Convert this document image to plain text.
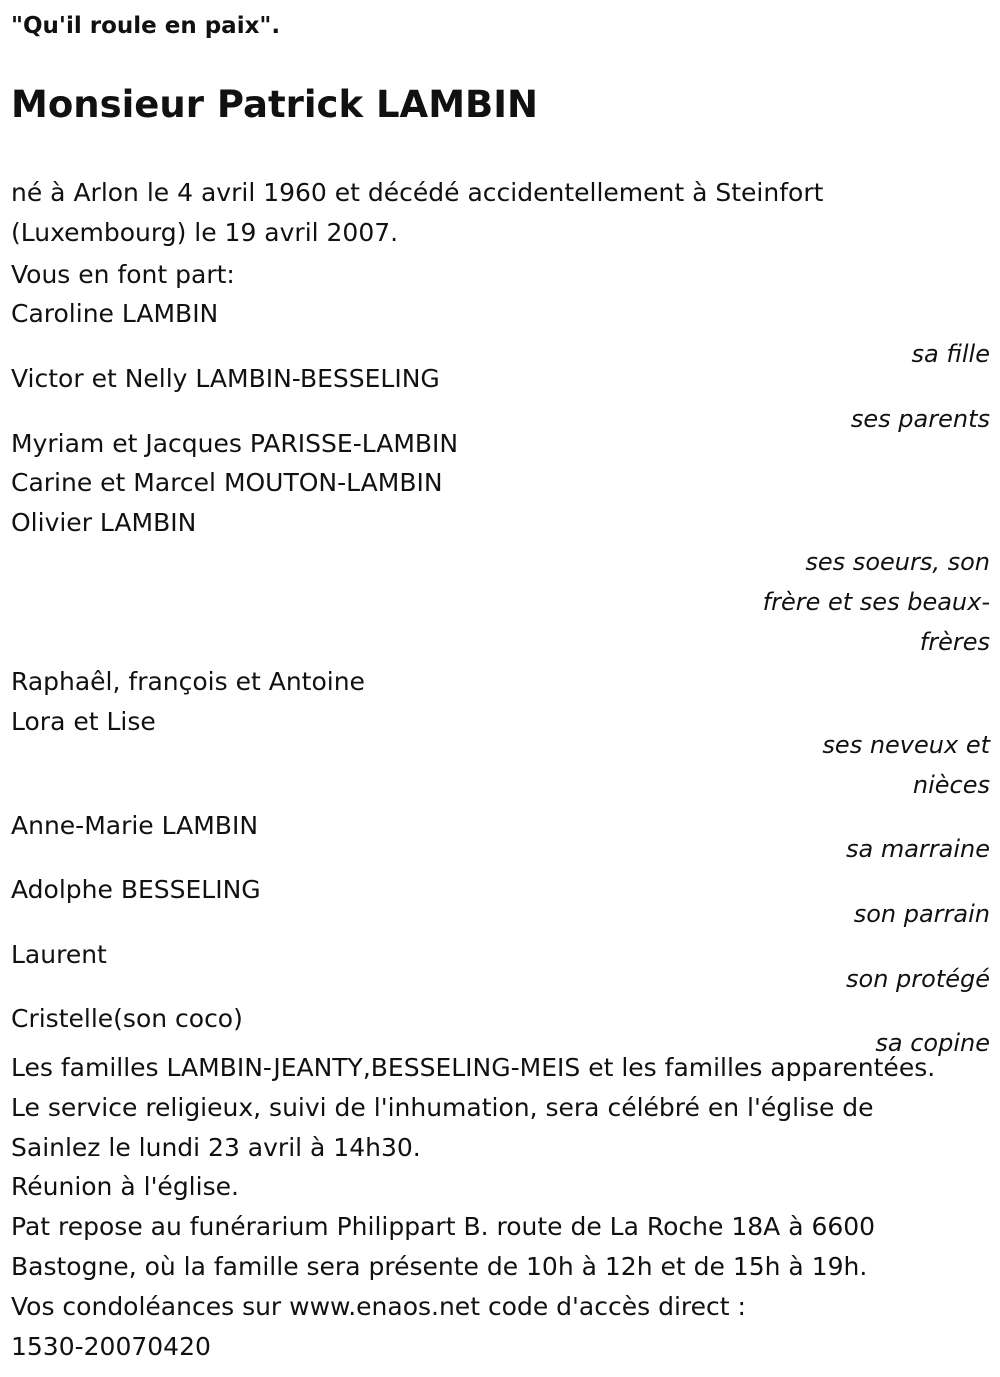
"Qu'il roule en paix".

Monsieur Patrick LAMBIN
né à Arlon le 4 avril 1960 et décédé accidentellement à Steinfort
(Luxembourg) le 19 avril 2007.
Vous en font part:
Caroline LAMBIN
sa fille
Victor et Nelly LAMBIN-BESSELING
ses parents
Myriam et Jacques PARISSE-LAMBIN
Carine et Marcel MOUTON-LAMBIN
Olivier LAMBIN
ses soeurs, son
frère et ses beaux-
frères
Raphaêl, françois et Antoine
Lora et Lise
ses neveux et
nièces
Anne-Marie LAMBIN
sa marraine
Adolphe BESSELING
son parrain
Laurent
son protégé
Cristelle(son coco)
sa copine
Les familles LAMBIN-JEANTY,BESSELING-MEIS et les familles apparentées.
Le service religieux, suivi de l'inhumation, sera célébré en l'église de
Sainlez le lundi 23 avril à 14h30.
Réunion à l'église.
Pat repose au funérarium Philippart B. route de La Roche 18A à 6600
Bastogne, où la famille sera présente de 10h à 12h et de 15h à 19h.
Vos condoléances sur www.enaos.net code d'accès direct :
1530-20070420
